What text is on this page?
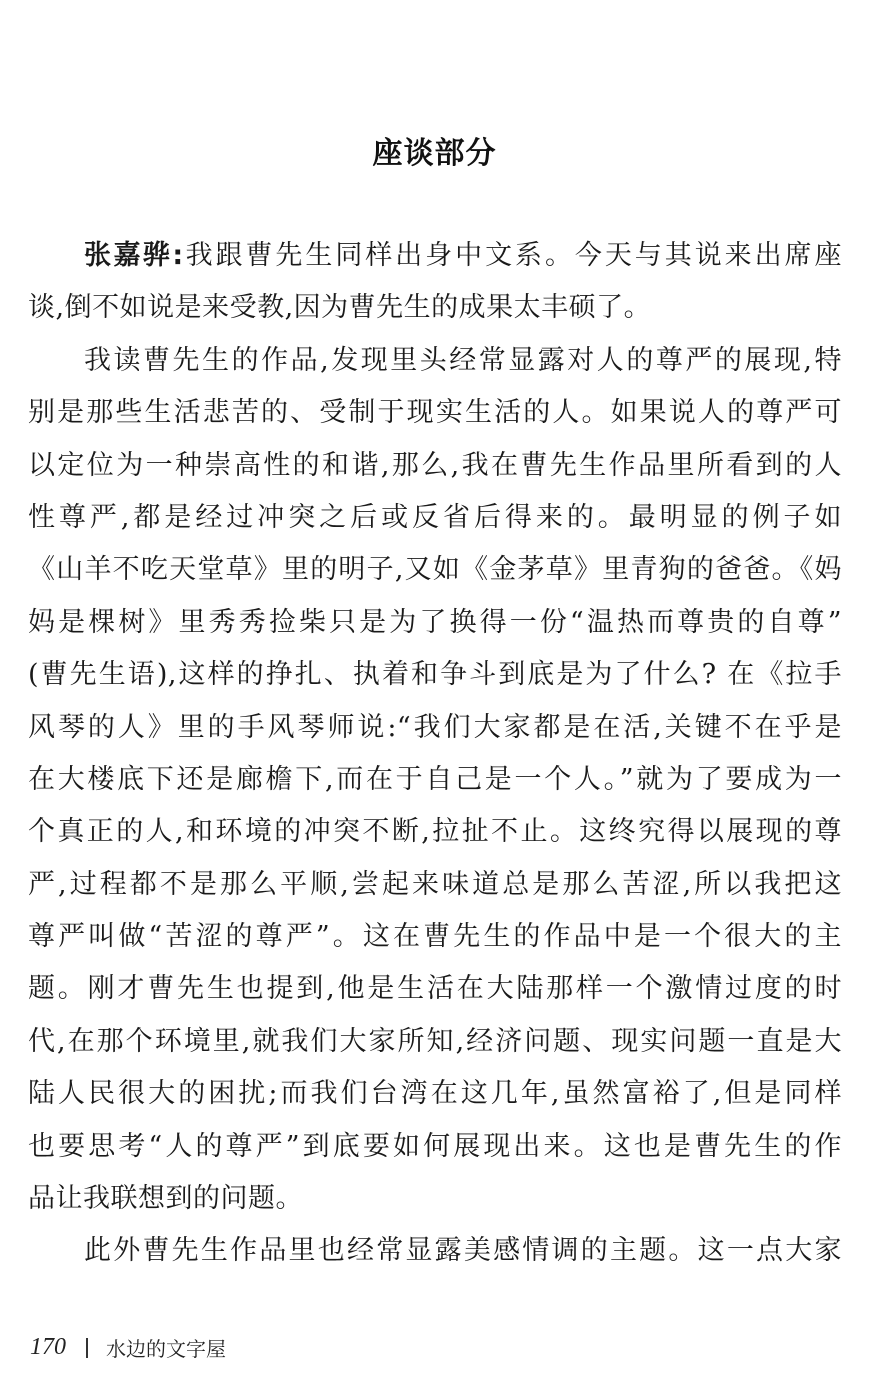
座谈部分
张嘉骅:我跟曹先生同样出身中文系。今天与其说来出席座
谈,倒不如说是来受教,因为曹先生的成果太丰硕了。
我读曹先生的作品,发现里头经常显露对人的尊严的展现,特
别是那些生活悲苦的、受制于现实生活的人。如果说人的尊严可
以定位为一种崇高性的和谐,那么,我在曹先生作品里所看到的人
性尊严,都是经过冲突之后或反省后得来的。最明显的例子如
《山羊不吃天堂草》里的明子,又如《金茅草》里青狗的爸爸。《妈
妈是棵树》里秀秀捡柴只是为了换得一份“温热而尊贵的自尊”
(曹先生语),这样的挣扎、执着和争斗到底是为了什么? 在《拉手
风琴的人》里的手风琴师说:“我们大家都是在活,关键不在乎是
在大楼底下还是廊檐下,而在于自己是一个人。”就为了要成为一
个真正的人,和环境的冲突不断,拉扯不止。这终究得以展现的尊
严,过程都不是那么平顺,尝起来味道总是那么苦涩,所以我把这
尊严叫做“苦涩的尊严”。这在曹先生的作品中是一个很大的主
题。刚才曹先生也提到,他是生活在大陆那样一个激情过度的时
代,在那个环境里,就我们大家所知,经济问题、现实问题一直是大
陆人民很大的困扰;而我们台湾在这几年,虽然富裕了,但是同样
也要思考“人的尊严”到底要如何展现出来。这也是曹先生的作
品让我联想到的问题。
此外曹先生作品里也经常显露美感情调的主题。这一点大家
170 水边的文字屋
